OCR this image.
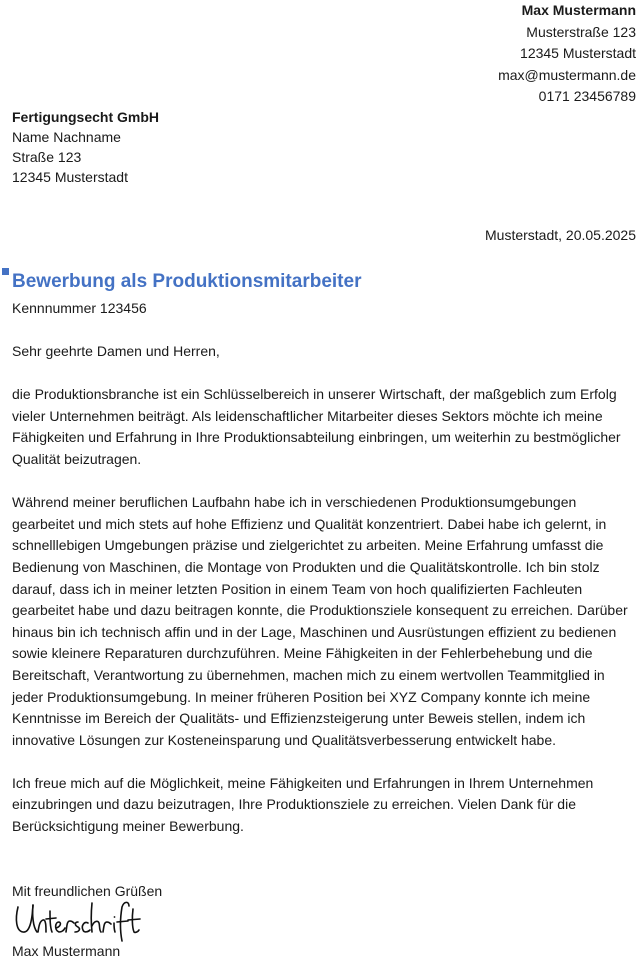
Max Mustermann
Musterstraße 123
12345 Musterstadt
max@mustermann.de
0171 23456789
Fertigungsecht GmbH
Name Nachname
Straße 123
12345 Musterstadt
Musterstadt, 20.05.2025
Bewerbung als Produktionsmitarbeiter
Kennnummer 123456

Sehr geehrte Damen und Herren,

die Produktionsbranche ist ein Schlüsselbereich in unserer Wirtschaft, der maßgeblich zum Erfolg vieler Unternehmen beiträgt. Als leidenschaftlicher Mitarbeiter dieses Sektors möchte ich meine Fähigkeiten und Erfahrung in Ihre Produktionsabteilung einbringen, um weiterhin zu bestmöglicher Qualität beizutragen.

Während meiner beruflichen Laufbahn habe ich in verschiedenen Produktionsumgebungen gearbeitet und mich stets auf hohe Effizienz und Qualität konzentriert. Dabei habe ich gelernt, in schnelllebigen Umgebungen präzise und zielgerichtet zu arbeiten. Meine Erfahrung umfasst die Bedienung von Maschinen, die Montage von Produkten und die Qualitätskontrolle. Ich bin stolz darauf, dass ich in meiner letzten Position in einem Team von hoch qualifizierten Fachleuten gearbeitet habe und dazu beitragen konnte, die Produktionsziele konsequent zu erreichen. Darüber hinaus bin ich technisch affin und in der Lage, Maschinen und Ausrüstungen effizient zu bedienen sowie kleinere Reparaturen durchzuführen. Meine Fähigkeiten in der Fehlerbehebung und die Bereitschaft, Verantwortung zu übernehmen, machen mich zu einem wertvollen Teammitglied in jeder Produktionsumgebung. In meiner früheren Position bei XYZ Company konnte ich meine Kenntnisse im Bereich der Qualitäts- und Effizienzsteigerung unter Beweis stellen, indem ich innovative Lösungen zur Kosteneinsparung und Qualitätsverbesserung entwickelt habe.

Ich freue mich auf die Möglichkeit, meine Fähigkeiten und Erfahrungen in Ihrem Unternehmen einzubringen und dazu beizutragen, Ihre Produktionsziele zu erreichen. Vielen Dank für die Berücksichtigung meiner Bewerbung.

Mit freundlichen Grüßen
Max Mustermann
